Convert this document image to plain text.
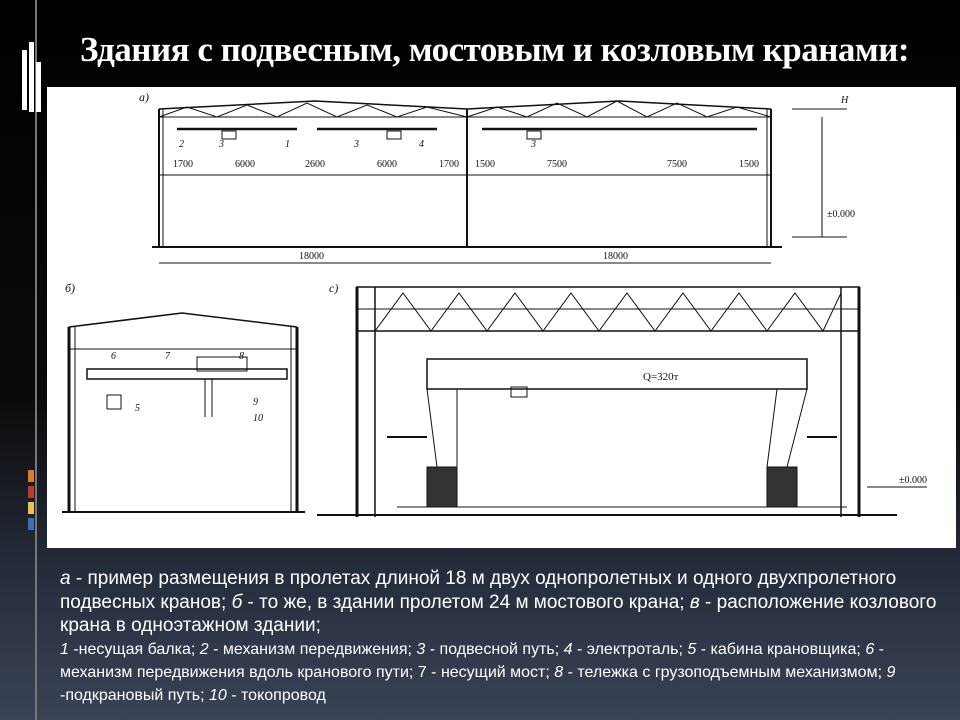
Здания с подвесным, мостовым и козловым кранами:
а)
2	3	1	3	4	3
1700	6000	2600	6000	1700 1500	7500	7500	1500
18000	18000
H
±0.000
б)
6	7	8
5
9
10
с)
Q=320т
±0.000
а - пример размещения в пролетах длиной 18 м двух однопролетных и одного двухпролетного подвесных кранов; б - то же, в здании пролетом 24 м мостового крана; в - расположение козлового крана в одноэтажном здании;
1 -несущая балка; 2 - механизм передвижения; 3 - подвесной путь; 4 - электроталь; 5 - кабина крановщика; 6 - механизм передвижения вдоль кранового пути; 7 - несущий мост; 8 - тележка с грузоподъемным механизмом; 9 -подкрановый путь; 10 - токопровод
